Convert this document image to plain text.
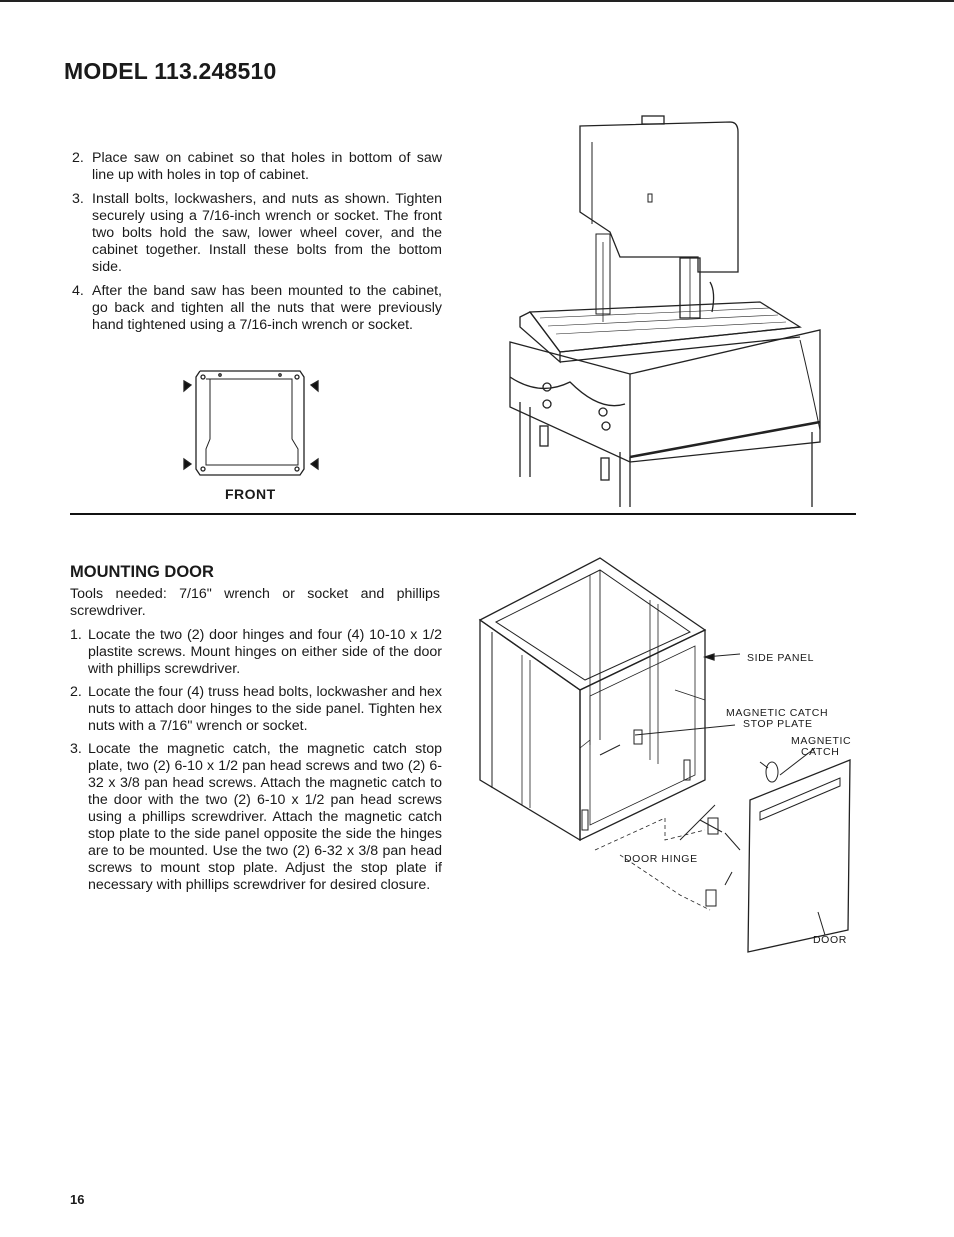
MODEL 113.248510
2. Place saw on cabinet so that holes in bottom of saw line up with holes in top of cabinet.
3. Install bolts, lockwashers, and nuts as shown. Tighten securely using a 7/16-inch wrench or socket. The front two bolts hold the saw, lower wheel cover, and the cabinet together. Install these bolts from the bottom side.
4. After the band saw has been mounted to the cabinet, go back and tighten all the nuts that were previously hand tightened using a 7/16-inch wrench or socket.
FRONT
MOUNTING DOOR
Tools needed: 7/16" wrench or socket and phillips screwdriver.
1. Locate the two (2) door hinges and four (4) 10-10 x 1/2 plastite screws. Mount hinges on either side of the door with phillips screwdriver.
2. Locate the four (4) truss head bolts, lockwasher and hex nuts to attach door hinges to the side panel. Tighten hex nuts with a 7/16" wrench or socket.
3. Locate the magnetic catch, the magnetic catch stop plate, two (2) 6-10 x 1/2 pan head screws and two (2) 6-32 x 3/8 pan head screws. Attach the magnetic catch to the door with the two (2) 6-10 x 1/2 pan head screws using a phillips screwdriver. Attach the magnetic catch stop plate to the side panel opposite the side the hinges are to be mounted. Use the two (2) 6-32 x 3/8 pan head screws to mount stop plate. Adjust the stop plate if necessary with phillips screwdriver for desired closure.
SIDE PANEL
MAGNETIC CATCH
STOP PLATE
MAGNETIC
CATCH
DOOR HINGE
DOOR
16
